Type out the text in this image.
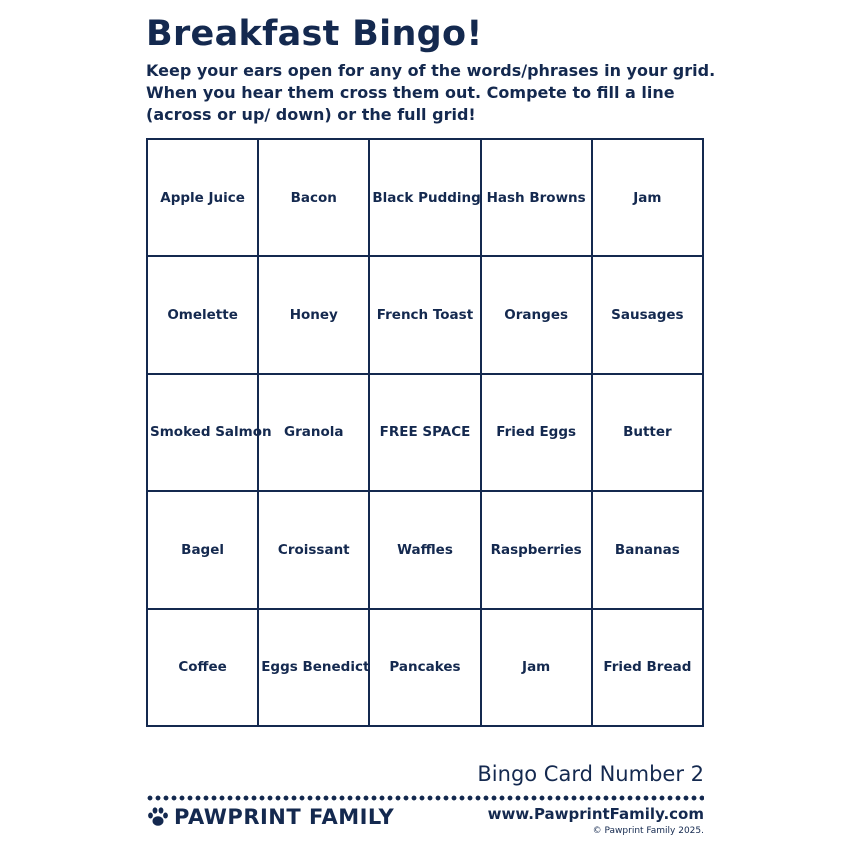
Breakfast Bingo!

Keep your ears open for any of the words/phrases in your grid. When you hear them cross them out. Compete to fill a line (across or up/ down) or the full grid!

Apple Juice	Bacon	Black Pudding	Hash Browns	Jam
Omelette	Honey	French Toast	Oranges	Sausages
Smoked Salmon	Granola	FREE SPACE	Fried Eggs	Butter
Bagel	Croissant	Waffles	Raspberries	Bananas
Coffee	Eggs Benedict	Pancakes	Jam	Fried Bread
Bingo Card Number 2
PAWPRINT FAMILY	www.PawprintFamily.com
© Pawprint Family 2025.
